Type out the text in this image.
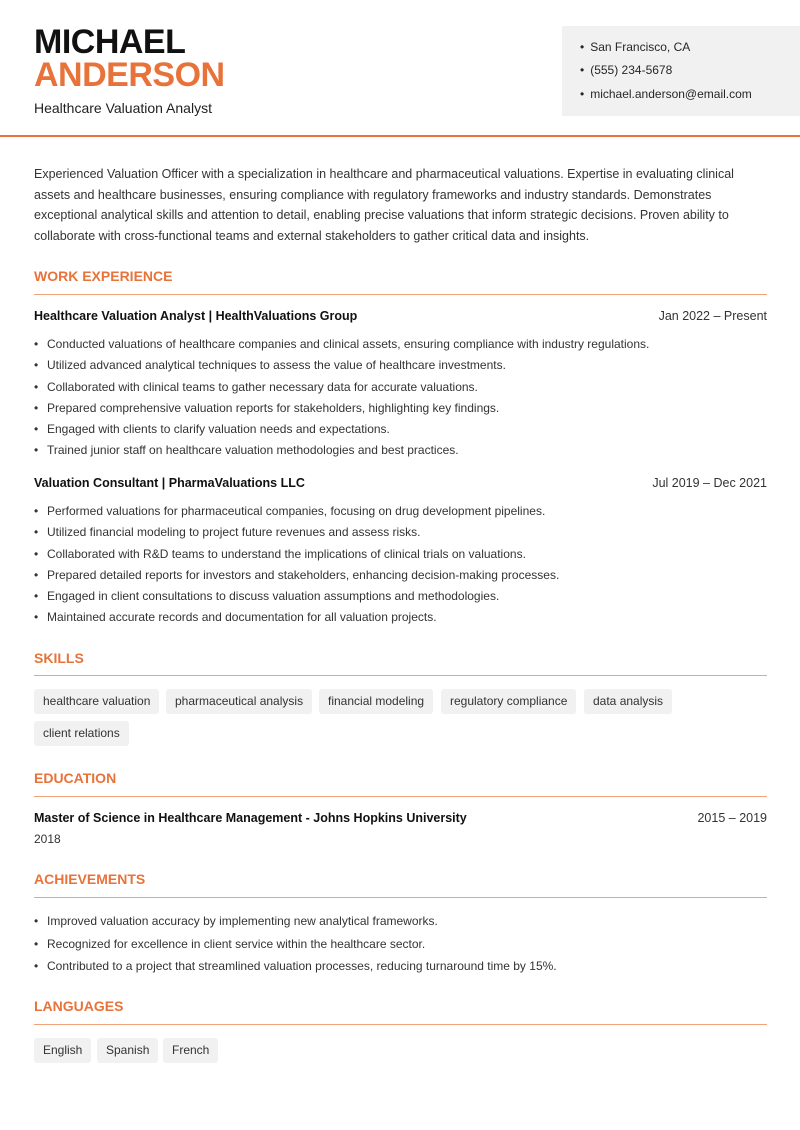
MICHAEL
ANDERSON
Healthcare Valuation Analyst
• San Francisco, CA
• (555) 234-5678
• michael.anderson@email.com
Experienced Valuation Officer with a specialization in healthcare and pharmaceutical valuations. Expertise in evaluating clinical assets and healthcare businesses, ensuring compliance with regulatory frameworks and industry standards. Demonstrates exceptional analytical skills and attention to detail, enabling precise valuations that inform strategic decisions. Proven ability to collaborate with cross-functional teams and external stakeholders to gather critical data and insights.
WORK EXPERIENCE
Healthcare Valuation Analyst | HealthValuations Group	Jan 2022 – Present
• Conducted valuations of healthcare companies and clinical assets, ensuring compliance with industry regulations.
• Utilized advanced analytical techniques to assess the value of healthcare investments.
• Collaborated with clinical teams to gather necessary data for accurate valuations.
• Prepared comprehensive valuation reports for stakeholders, highlighting key findings.
• Engaged with clients to clarify valuation needs and expectations.
• Trained junior staff on healthcare valuation methodologies and best practices.
Valuation Consultant | PharmaValuations LLC	Jul 2019 – Dec 2021
• Performed valuations for pharmaceutical companies, focusing on drug development pipelines.
• Utilized financial modeling to project future revenues and assess risks.
• Collaborated with R&D teams to understand the implications of clinical trials on valuations.
• Prepared detailed reports for investors and stakeholders, enhancing decision-making processes.
• Engaged in client consultations to discuss valuation assumptions and methodologies.
• Maintained accurate records and documentation for all valuation projects.
SKILLS
healthcare valuation	pharmaceutical analysis	financial modeling	regulatory compliance	data analysis
client relations
EDUCATION
Master of Science in Healthcare Management - Johns Hopkins University	2015 – 2019
2018
ACHIEVEMENTS
• Improved valuation accuracy by implementing new analytical frameworks.
• Recognized for excellence in client service within the healthcare sector.
• Contributed to a project that streamlined valuation processes, reducing turnaround time by 15%.
LANGUAGES
English	Spanish	French
